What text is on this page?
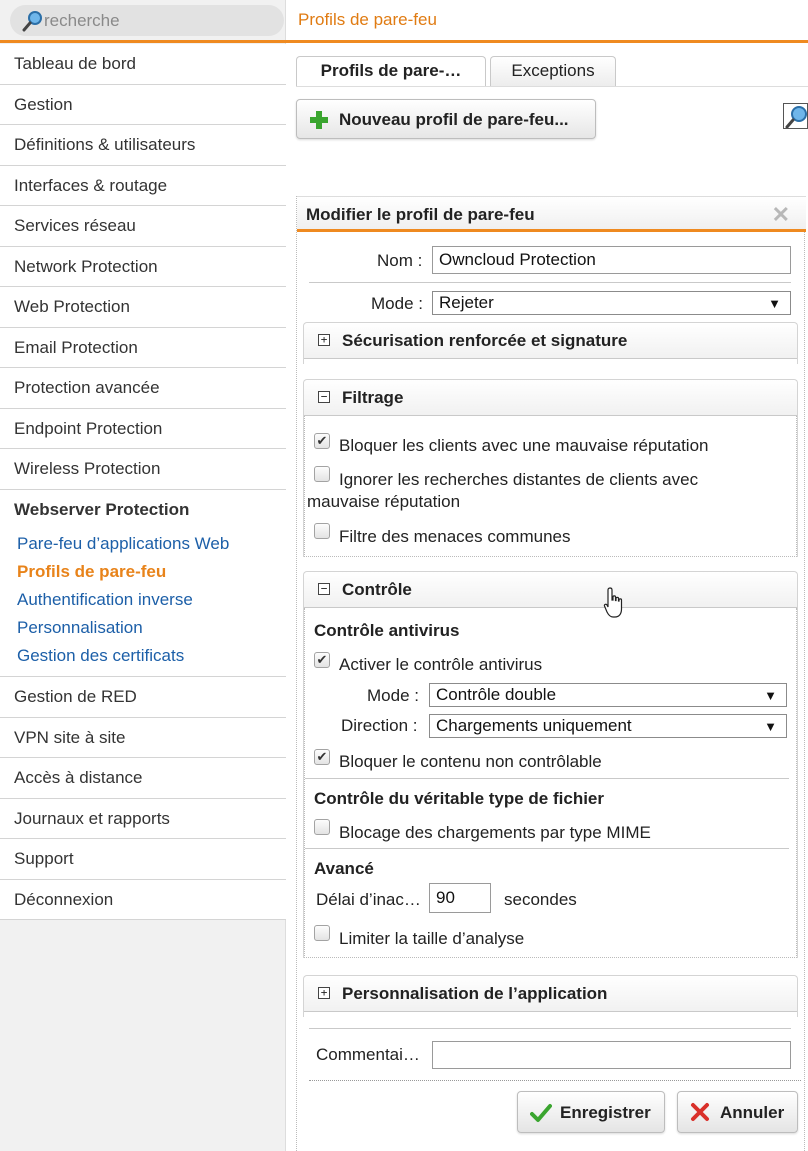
recherche
Tableau de bord
Gestion
Définitions & utilisateurs
Interfaces & routage
Services réseau
Network Protection
Web Protection
Email Protection
Protection avancée
Endpoint Protection
Wireless Protection
Webserver Protection
Pare-feu d’applications Web
Profils de pare-feu
Authentification inverse
Personnalisation
Gestion des certificats
Gestion de RED
VPN site à site
Accès à distance
Journaux et rapports
Support
Déconnexion
Profils de pare-feu
Profils de pare-…	Exceptions
Nouveau profil de pare-feu...
Modifier le profil de pare-feu	✕
Nom :
Owncloud Protection
Mode : Rejeter	▼
+ Sécurisation renforcée et signature
− Filtrage
✔ Bloquer les clients avec une mauvaise réputation
Ignorer les recherches distantes de clients avec
mauvaise réputation
Filtre des menaces communes
− Contrôle
Contrôle antivirus
✔ Activer le contrôle antivirus
Mode :	Contrôle double	▼
Direction :	Chargements uniquement	▼
✔ Bloquer le contenu non contrôlable
Contrôle du véritable type de fichier
Blocage des chargements par type MIME
Avancé
Délai d’inac…
90	secondes
Limiter la taille d’analyse
+ Personnalisation de l’application
Commentai…
Enregistrer	Annuler
